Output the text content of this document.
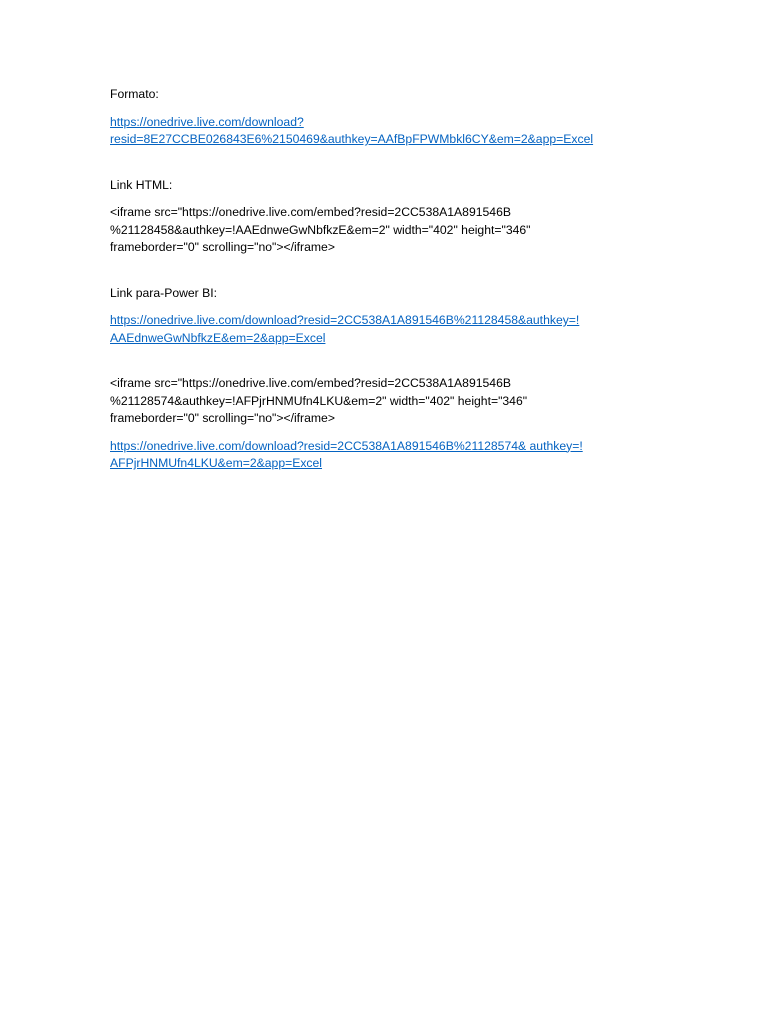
Formato:

https://onedrive.live.com/download?
resid=8E27CCBE026843E6%2150469&authkey=AAfBpFPWMbkl6CY&em=2&app=Excel

Link HTML:

<iframe src="https://onedrive.live.com/embed?resid=2CC538A1A891546B
%21128458&authkey=!AAEdnweGwNbfkzE&em=2" width="402" height="346"
frameborder="0" scrolling="no"></iframe>

Link para-Power BI:

https://onedrive.live.com/download?resid=2CC538A1A891546B%21128458&authkey=!
AAEdnweGwNbfkzE&em=2&app=Excel

<iframe src="https://onedrive.live.com/embed?resid=2CC538A1A891546B
%21128574&authkey=!AFPjrHNMUfn4LKU&em=2" width="402" height="346"
frameborder="0" scrolling="no"></iframe>

https://onedrive.live.com/download?resid=2CC538A1A891546B%21128574& authkey=!
AFPjrHNMUfn4LKU&em=2&app=Excel
